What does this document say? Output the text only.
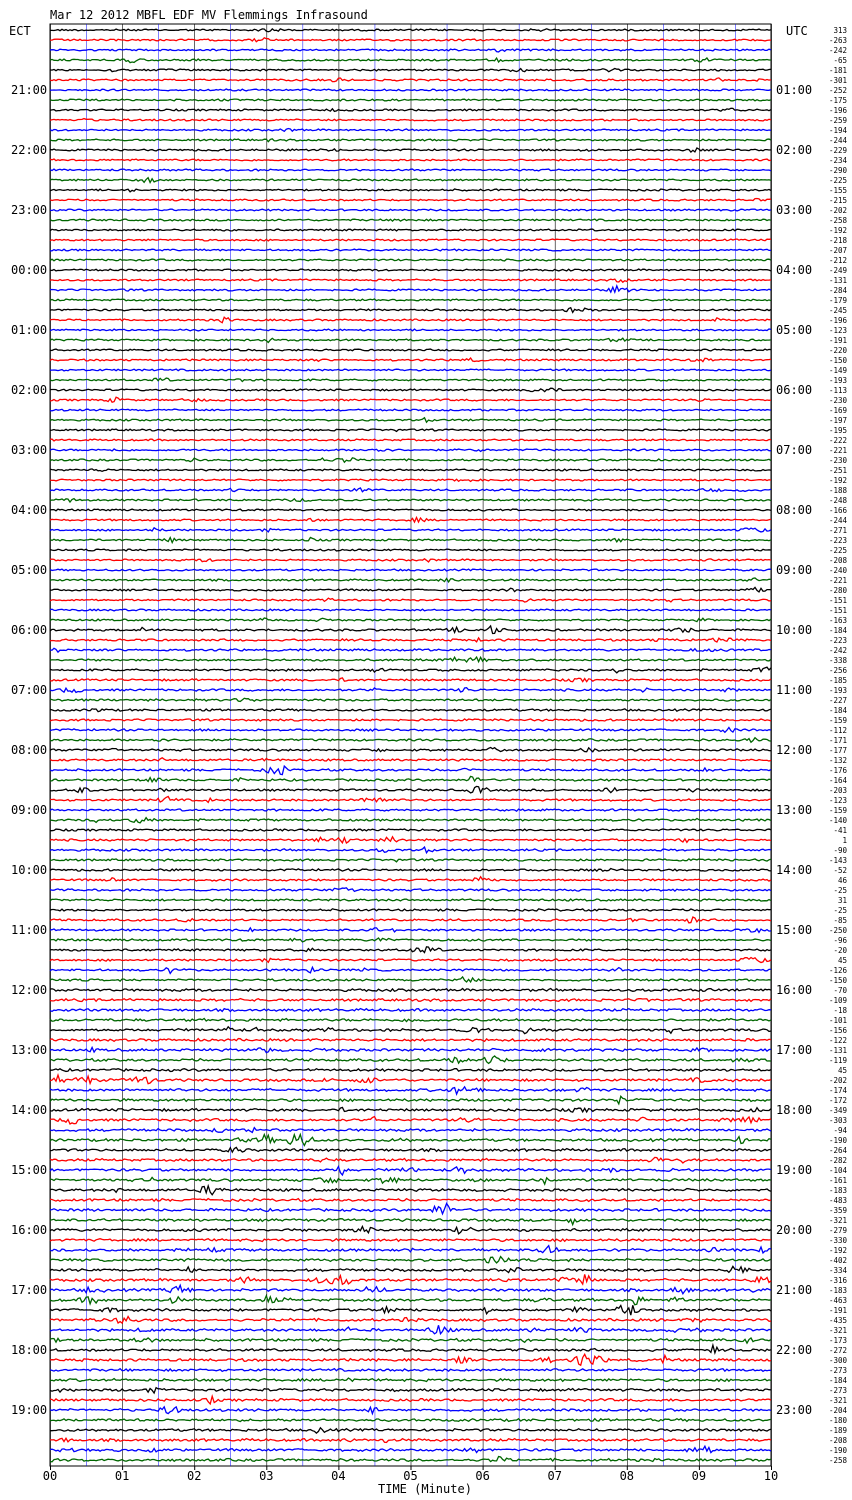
Mar 12 2012 MBFL EDF MV Flemmings Infrasound
ECT	UTC
TIME (Minute)
21:00
22:00
23:00
00:00
01:00
02:00
03:00
04:00
05:00
06:00
07:00
08:00
09:00
10:00
11:00
12:00
13:00
14:00
15:00
16:00
17:00
18:00
19:00
01:00
02:00
03:00
04:00
05:00
06:00
07:00
08:00
09:00
10:00
11:00
12:00
13:00
14:00
15:00
16:00
17:00
18:00
19:00
20:00
21:00
22:00
23:00
313
-263
-242
-65
-181
-301
-252
-175
-196
-259
-194
-244
-229
-234
-290
-225
-155
-215
-202
-258
-192
-218
-207
-212
-249
-131
-284
-179
-245
-196
-123
-191
-220
-150
-149
-193
-113
-230
-169
-197
-195
-222
-221
-230
-251
-192
-188
-248
-166
-244
-271
-223
-225
-208
-240
-221
-280
-151
-151
-163
-184
-223
-242
-338
-256
-185
-193
-227
-184
-159
-112
-171
-177
-132
-176
-164
-203
-123
-159
-140
-41
1
-90
-143
-52
46
-25
31
-25
-85
-250
-96
-20
45
-126
-150
-70
-109
-18
-101
-156
-122
-131
-119
45
-202
-174
-172
-349
-303
-94
-190
-264
-282
-104
-161
-183
-483
-359
-321
-279
-330
-192
-402
-334
-316
-183
-463
-191
-435
-321
-173
-272
-300
-273
-184
-273
-321
-204
-180
-189
-208
-190
-258
00	01	02	03	04	05	06	07	08	09	10
